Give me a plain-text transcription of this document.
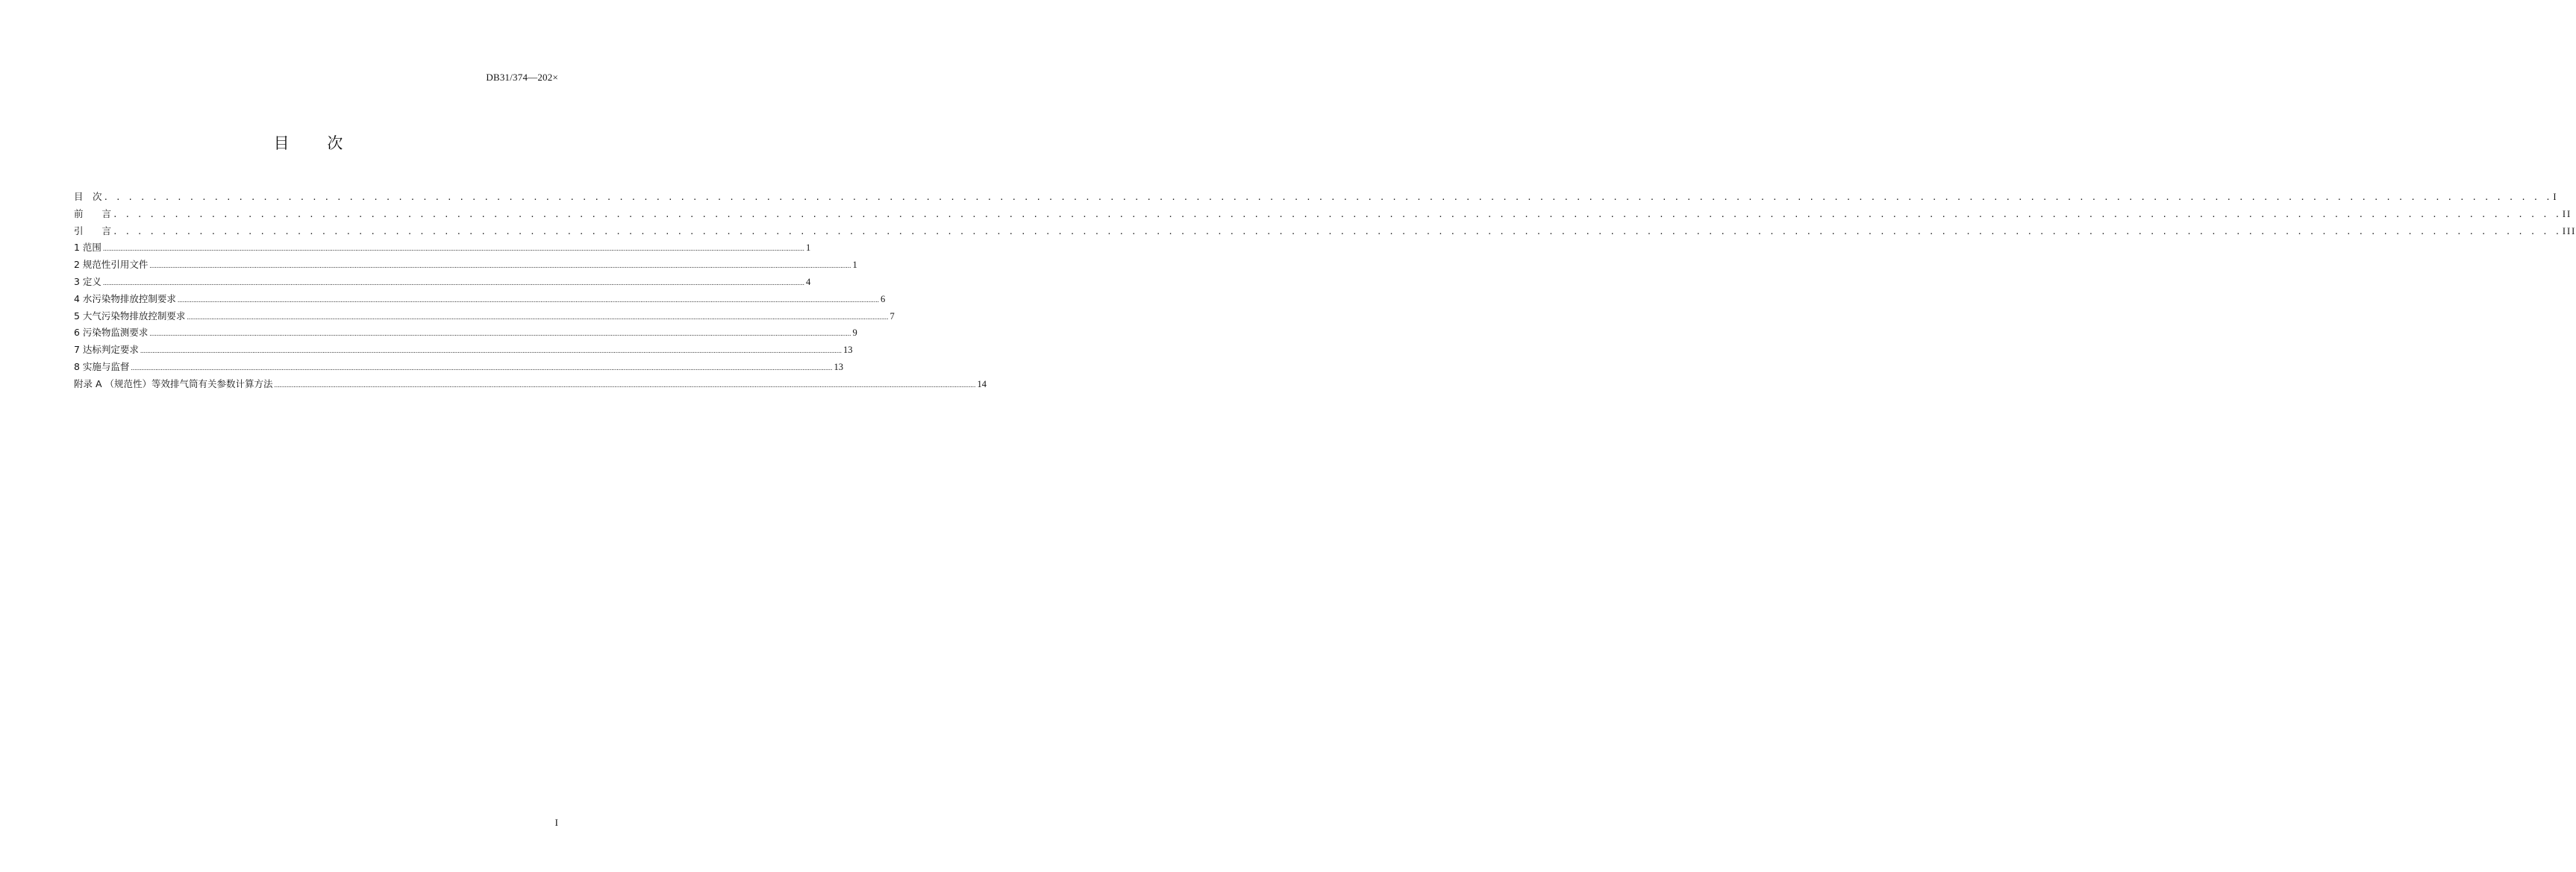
DB31/374—202×
目 次
目　次 . . . . . . . . . . . . . . . . . . . . . . . . . . . . . . . . . . . . . . . . . . . . . . . . . . . . . . . . . . . . . . . . . . . . . . . . . . . . . . . . . . . . . . . . . . . . . . . . . . . . . . . . . . . . . . . . . . . . . . . . . . . . . . . . . . . . . . . . . . . . . . . . . . . . . . . . . . . . . . . . . . . . . . . . . . . . . . . . . . . . . . . . . . . . . . . . . . . . . . . . I
前　　言 . . . . . . . . . . . . . . . . . . . . . . . . . . . . . . . . . . . . . . . . . . . . . . . . . . . . . . . . . . . . . . . . . . . . . . . . . . . . . . . . . . . . . . . . . . . . . . . . . . . . . . . . . . . . . . . . . . . . . . . . . . . . . . . . . . . . . . . . . . . . . . . . . . . . . . . . . . . . . . . . . . . . . . . . . . . . . . . . . . . . . . . . . . . . . . . . . . . . . . . . II
引　　言 . . . . . . . . . . . . . . . . . . . . . . . . . . . . . . . . . . . . . . . . . . . . . . . . . . . . . . . . . . . . . . . . . . . . . . . . . . . . . . . . . . . . . . . . . . . . . . . . . . . . . . . . . . . . . . . . . . . . . . . . . . . . . . . . . . . . . . . . . . . . . . . . . . . . . . . . . . . . . . . . . . . . . . . . . . . . . . . . . . . . . . . . . . . . . . . . . . . . . . . . III
1 范围 ................................................................................................................................................................................................................................................................................................................................................................................................................ 1
2 规范性引用文件 ................................................................................................................................................................................................................................................................................................................................................................................................................ 1
3 定义 ................................................................................................................................................................................................................................................................................................................................................................................................................ 4
4 水污染物排放控制要求 ................................................................................................................................................................................................................................................................................................................................................................................................................ 6
5 大气污染物排放控制要求 ................................................................................................................................................................................................................................................................................................................................................................................................................ 7
6 污染物监测要求 ................................................................................................................................................................................................................................................................................................................................................................................................................ 9
7 达标判定要求 ................................................................................................................................................................................................................................................................................................................................................................................................................ 13
8 实施与监督 ................................................................................................................................................................................................................................................................................................................................................................................................................ 13
附录 A （规范性）等效排气筒有关参数计算方法 ................................................................................................................................................................................................................................................................................................................................................................................................................ 14
I
